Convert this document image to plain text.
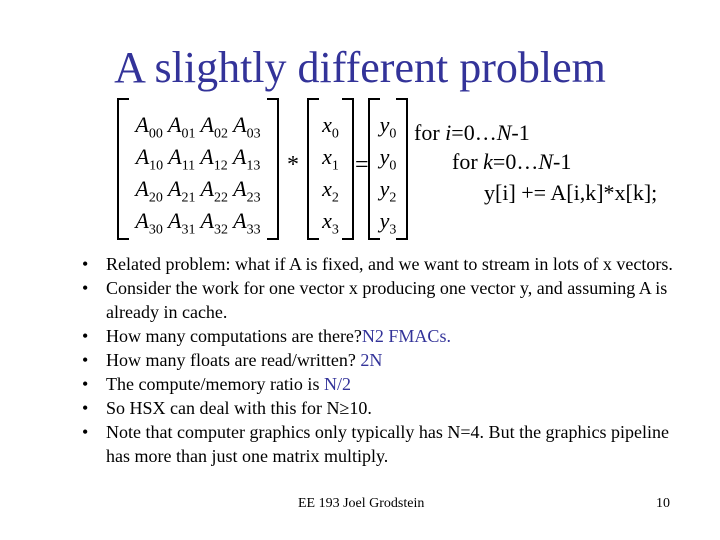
A slightly different problem
$A_{00}$ $A_{01}$ $A_{02}$ $A_{03}$
$A_{10}$ $A_{11}$ $A_{12}$ $A_{13}$
$A_{20}$ $A_{21}$ $A_{22}$ $A_{23}$
$A_{30}$ $A_{31}$ $A_{32}$ $A_{33}$
*
$x_0$
$x_1$
$x_2$
$x_3$
=
$y_0$
$y_0$
$y_2$
$y_3$
for i=0…N-1
for k=0…N-1
y[i] += A[i,k]*x[k];
• Related problem: what if A is fixed, and we want to stream in lots of x vectors.
• Consider the work for one vector x producing one vector y, and assuming A is already in cache.
• How many computations are there?N2 FMACs.
• How many floats are read/written? 2N
• The compute/memory ratio is N/2
• So HSX can deal with this for N≥10.
• Note that computer graphics only typically has N=4. But the graphics pipeline has more than just one matrix multiply.
EE 193 Joel Grodstein	10
